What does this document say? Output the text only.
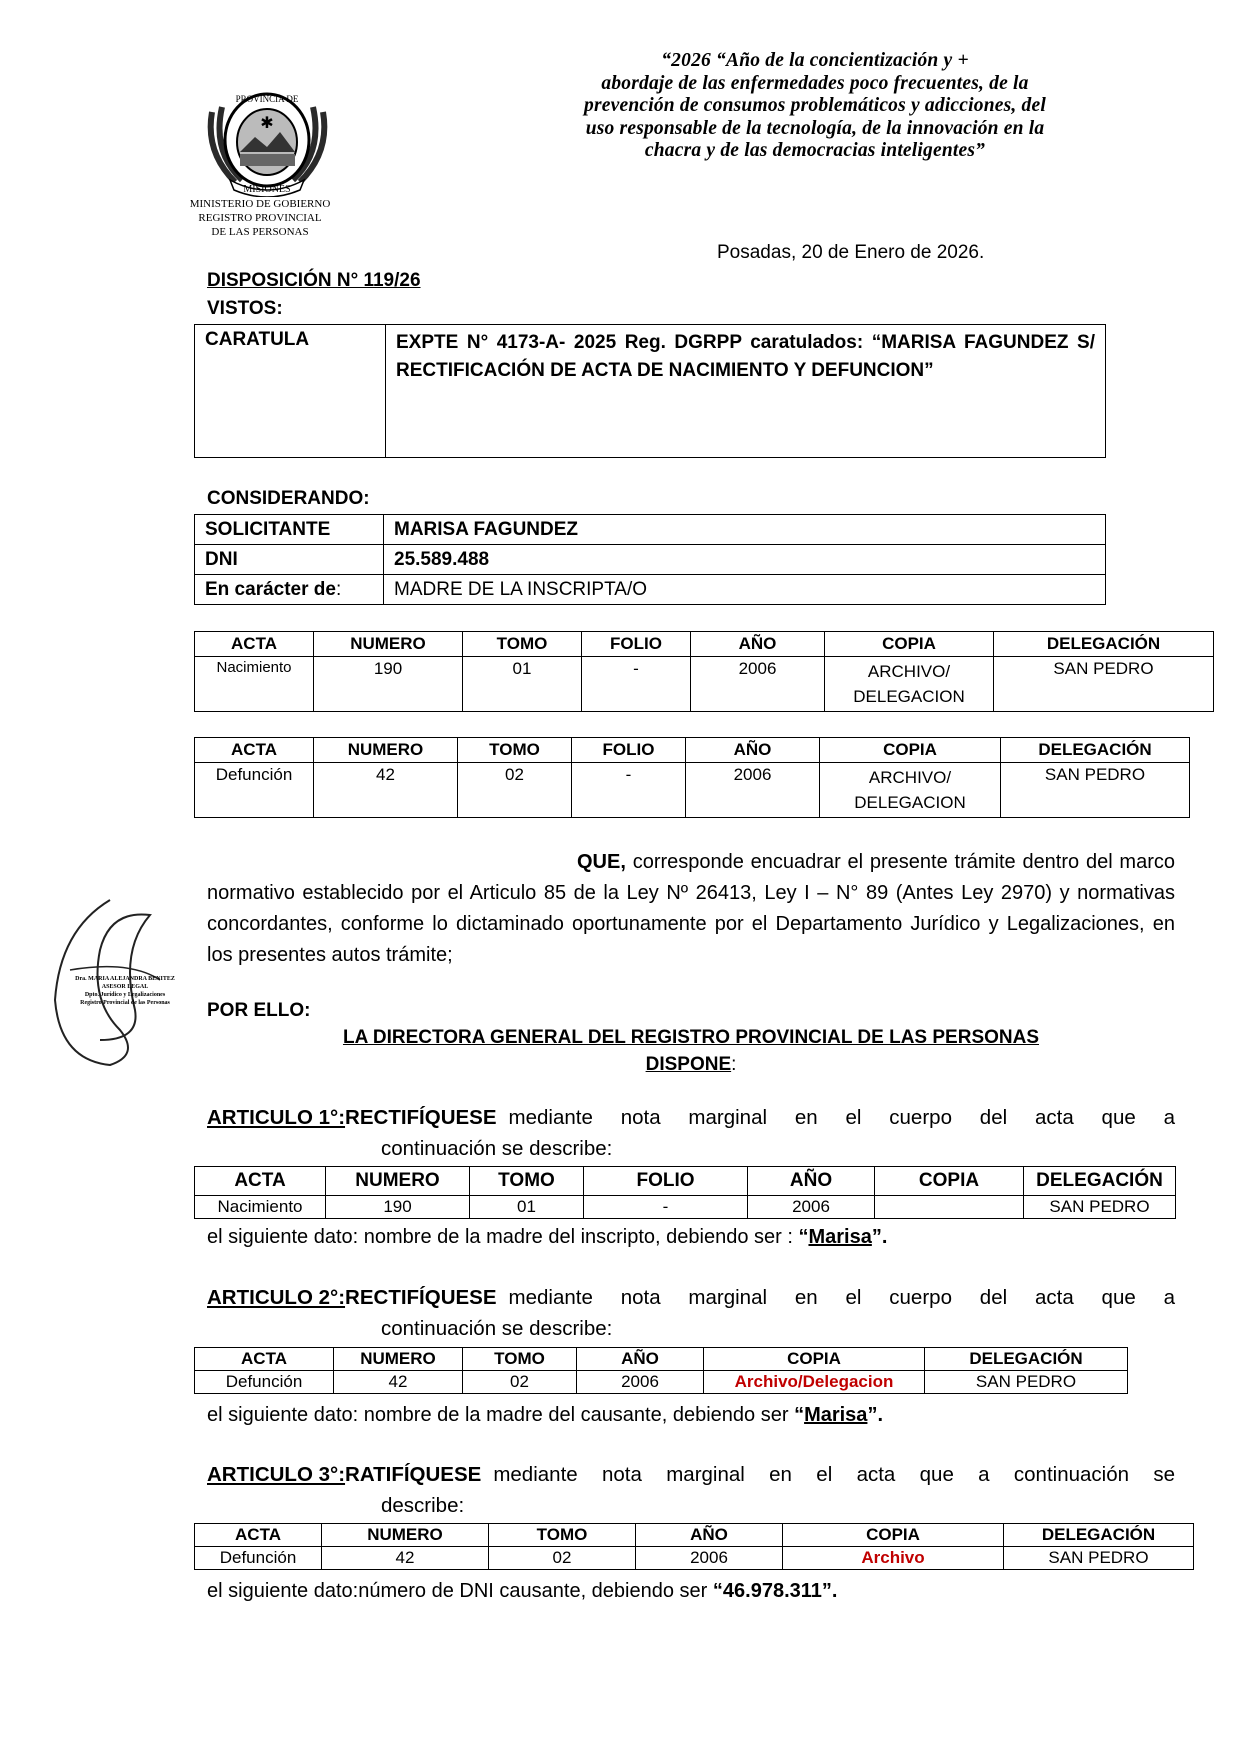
✱
MISIONES
PROVINCIA DE
MINISTERIO DE GOBIERNO
REGISTRO PROVINCIAL
DE LAS PERSONAS
“2026 “Año de la concientización y +
abordaje de las enfermedades poco frecuentes, de la
prevención de consumos problemáticos y adicciones, del
uso responsable de la tecnología, de la innovación en la
chacra y de las democracias inteligentes”
Posadas, 20 de Enero de 2026.
DISPOSICIÓN N° 119/26
VISTOS:
CARATULA	EXPTE N° 4173-A- 2025 Reg. DGRPP caratulados: “MARISA FAGUNDEZ S/ RECTIFICACIÓN DE ACTA DE NACIMIENTO Y DEFUNCION”
CONSIDERANDO:
SOLICITANTE	MARISA FAGUNDEZ
DNI	25.589.488
En carácter de:	MADRE DE LA INSCRIPTA/O
ACTA	NUMERO	TOMO	FOLIO	AÑO	COPIA	DELEGACIÓN
Nacimiento	190	01	-	2006	ARCHIVO/ DELEGACION	SAN PEDRO
ACTA	NUMERO	TOMO	FOLIO	AÑO	COPIA	DELEGACIÓN
Defunción	42	02	-	2006	ARCHIVO/ DELEGACION	SAN PEDRO
QUE, corresponde encuadrar el presente trámite dentro del marco normativo establecido por el Articulo 85 de la Ley Nº 26413, Ley I – N° 89 (Antes Ley 2970) y normativas concordantes, conforme lo dictaminado oportunamente por el Departamento Jurídico y Legalizaciones, en los presentes autos trámite;
Dra. MARIA ALEJANDRA BENITEZ
ASESOR LEGAL
Dpto. Jurídico y Legalizaciones
Registro Provincial de las Personas POR ELLO:
LA DIRECTORA GENERAL DEL REGISTRO PROVINCIAL DE LAS PERSONAS
DISPONE:
ARTICULO 1°: RECTIFÍQUESE mediante nota marginal en el cuerpo del acta que a
continuación se describe:
ACTA	NUMERO	TOMO	FOLIO	AÑO	COPIA	DELEGACIÓN
Nacimiento	190	01	-	2006		SAN PEDRO
el siguiente dato: nombre de la madre del inscripto, debiendo ser : “Marisa”.
ARTICULO 2°: RECTIFÍQUESE mediante nota marginal en el cuerpo del acta que a
continuación se describe:
ACTA	NUMERO	TOMO	AÑO	COPIA	DELEGACIÓN
Defunción	42	02	2006	Archivo/Delegacion	SAN PEDRO
el siguiente dato: nombre de la madre del causante, debiendo ser “Marisa”.
ARTICULO 3°: RATIFÍQUESE mediante nota marginal en el acta que a continuación se
describe:
ACTA	NUMERO	TOMO	AÑO	COPIA	DELEGACIÓN
Defunción	42	02	2006	Archivo	SAN PEDRO
el siguiente dato:número de DNI causante, debiendo ser “46.978.311”.
